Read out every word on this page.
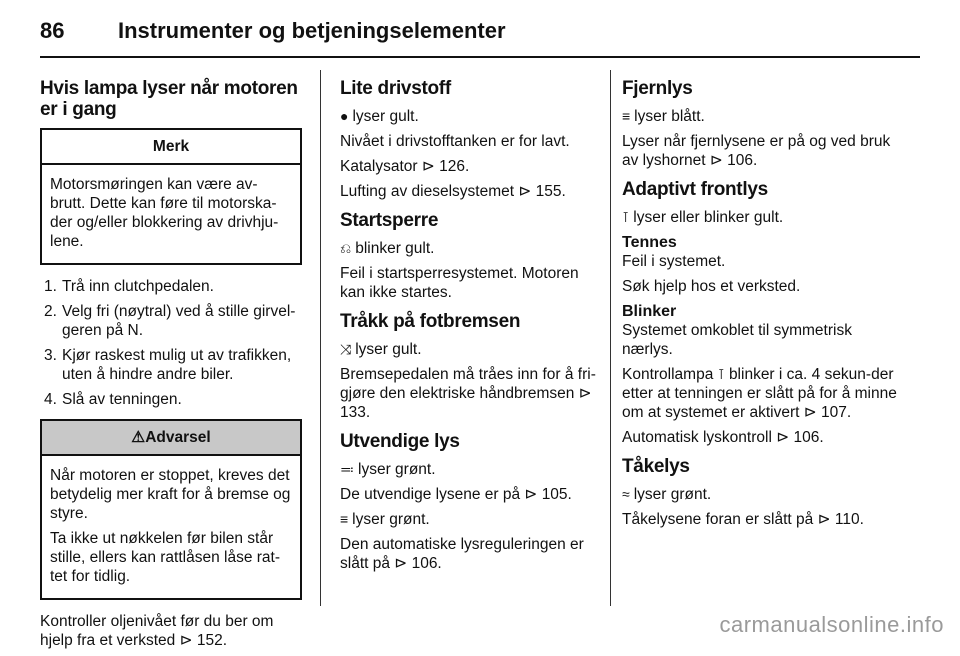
86 Instrumenter og betjeningselementer
Hvis lampa lyser når motoren er i gang
Merk

Motorsmøringen kan være av-brutt. Dette kan føre til motorska-der og/eller blokkering av drivhju-lene.

1. Trå inn clutchpedalen.
2. Velg fri (nøytral) ved å stille girvel-geren på N.
3. Kjør raskest mulig ut av trafikken, uten å hindre andre biler.
4. Slå av tenningen.
⚠Advarsel

Når motoren er stoppet, kreves det betydelig mer kraft for å bremse og styre.

Ta ikke ut nøkkelen før bilen står stille, ellers kan rattlåsen låse rat-tet for tidlig.

Kontroller oljenivået før du ber om hjelp fra et verksted ⊳ 152.

Lite drivstoff

● lyser gult.

Nivået i drivstofftanken er for lavt.

Katalysator ⊳ 126.

Lufting av dieselsystemet ⊳ 155.

Startsperre

⎌ blinker gult.

Feil i startsperresystemet. Motoren kan ikke startes.

Tråkk på fotbremsen

⤨ lyser gult.

Bremsepedalen må tråes inn for å fri-gjøre den elektriske håndbremsen ⊳ 133.

Utvendige lys

≕ lyser grønt.

De utvendige lysene er på ⊳ 105.

≡ lyser grønt.

Den automatiske lysreguleringen er slått på ⊳ 106.

Fjernlys

≡ lyser blått.

Lyser når fjernlysene er på og ved bruk av lyshornet ⊳ 106.

Adaptivt frontlys

⊺ lyser eller blinker gult.

Tennes

Feil i systemet.

Søk hjelp hos et verksted.

Blinker

Systemet omkoblet til symmetrisk nærlys.

Kontrollampa ⊺ blinker i ca. 4 sekun-der etter at tenningen er slått på for å minne om at systemet er aktivert ⊳ 107.

Automatisk lyskontroll ⊳ 106.

Tåkelys

≈ lyser grønt.

Tåkelysene foran er slått på ⊳ 110.

carmanualsonline.info
